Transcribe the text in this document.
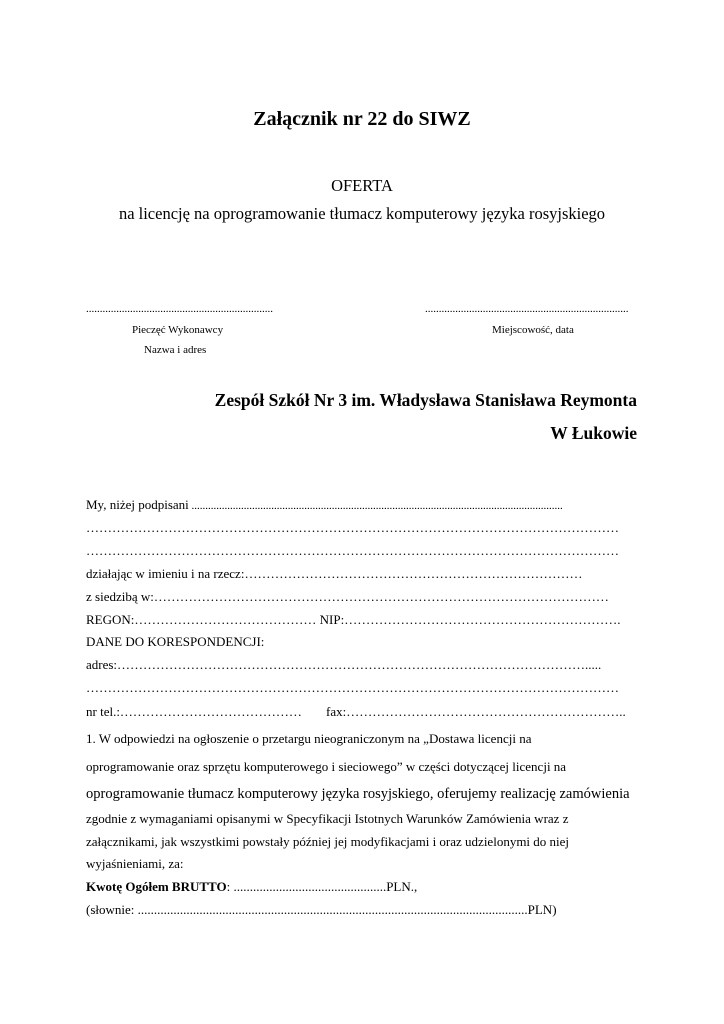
Załącznik nr 22 do SIWZ
OFERTA
na licencję na oprogramowanie tłumacz komputerowy języka rosyjskiego
....................................................................	..........................................................................
Pieczęć Wykonawcy
Nazwa i adres
Miejscowość, data
Zespół Szkół Nr 3 im. Władysława Stanisława Reymonta
W Łukowie
My, niżej podpisani .......................................................................................................................................
……………………………………………………………………………………………………………
……………………………………………………………………………………………………………
działając w imieniu i na rzecz:……………………………………………………………………
z siedzibą w:……………………………………………………………………………………………
REGON:…………………………………… NIP:……………………………………………………….
DANE DO KORESPONDENCJI:
adres:……………………………………………………………………………………………….....
……………………………………………………………………………………………………………
nr tel.:…………………………………… fax:………………………………………………………..
1. W odpowiedzi na ogłoszenie o przetargu nieograniczonym na „Dostawa licencji na
oprogramowanie oraz sprzętu komputerowego i sieciowego” w części dotyczącej licencji na
oprogramowanie tłumacz komputerowy języka rosyjskiego, oferujemy realizację zamówienia
zgodnie z wymaganiami opisanymi w Specyfikacji Istotnych Warunków Zamówienia wraz z
załącznikami, jak wszystkimi powstały później jej modyfikacjami i oraz udzielonymi do niej
wyjaśnieniami, za:
Kwotę Ogółem BRUTTO: ...............................................PLN.,
(słownie: ........................................................................................................................PLN)
